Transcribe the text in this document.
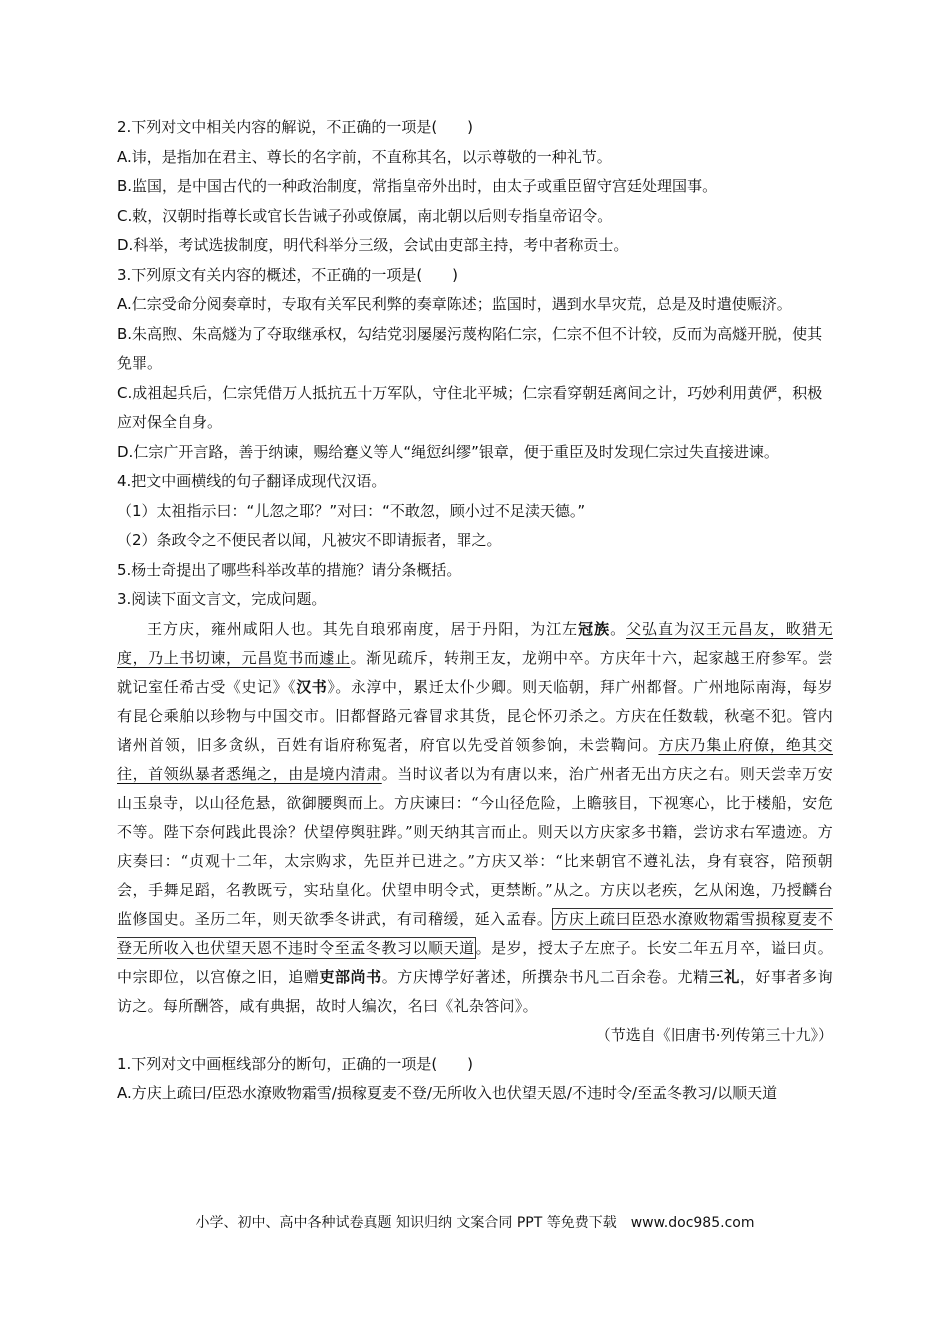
2.下列对文中相关内容的解说，不正确的一项是(　　)

A.讳，是指加在君主、尊长的名字前，不直称其名，以示尊敬的一种礼节。

B.监国，是中国古代的一种政治制度，常指皇帝外出时，由太子或重臣留守宫廷处理国事。

C.敕，汉朝时指尊长或官长告诫子孙或僚属，南北朝以后则专指皇帝诏令。

D.科举，考试选拔制度，明代科举分三级，会试由吏部主持，考中者称贡士。

3.下列原文有关内容的概述，不正确的一项是(　　)

A.仁宗受命分阅奏章时，专取有关军民利弊的奏章陈述；监国时，遇到水旱灾荒，总是及时遣使赈济。

B.朱高煦、朱高燧为了夺取继承权，勾结党羽屡屡污蔑构陷仁宗，仁宗不但不计较，反而为高燧开脱，使其免罪。

C.成祖起兵后，仁宗凭借万人抵抗五十万军队，守住北平城；仁宗看穿朝廷离间之计，巧妙利用黄俨，积极应对保全自身。

D.仁宗广开言路，善于纳谏，赐给蹇义等人“绳愆纠缪”银章，便于重臣及时发现仁宗过失直接进谏。

4.把文中画横线的句子翻译成现代汉语。

（1）太祖指示曰：“儿忽之耶？”对曰：“不敢忽，顾小过不足渎天德。”

（2）条政令之不便民者以闻，凡被灾不即请振者，罪之。

5.杨士奇提出了哪些科举改革的措施？请分条概括。

3.阅读下面文言文，完成问题。

王方庆，雍州咸阳人也。其先自琅邪南度，居于丹阳，为江左冠族。父弘直为汉王元昌友，畋猎无度，乃上书切谏，元昌览书而遽止。渐见疏斥，转荆王友，龙朔中卒。方庆年十六，起家越王府参军。尝就记室任希古受《史记》《汉书》。永淳中，累迁太仆少卿。则天临朝，拜广州都督。广州地际南海，每岁有昆仑乘舶以珍物与中国交市。旧都督路元睿冒求其货，昆仑怀刃杀之。方庆在任数载，秋毫不犯。管内诸州首领，旧多贪纵，百姓有诣府称冤者，府官以先受首领参饷，未尝鞫问。方庆乃集止府僚，绝其交往，首领纵暴者悉绳之，由是境内清肃。当时议者以为有唐以来，治广州者无出方庆之右。则天尝幸万安山玉泉寺，以山径危悬，欲御腰舆而上。方庆谏曰：“今山径危险，上瞻骇目，下视寒心，比于楼船，安危不等。陛下奈何践此畏涂？伏望停舆驻跸。”则天纳其言而止。则天以方庆家多书籍，尝访求右军遗迹。方庆奏曰：“贞观十二年，太宗购求，先臣并已进之。”方庆又举：“比来朝官不遵礼法，身有衰容，陪预朝会，手舞足蹈，名教既亏，实玷皇化。伏望申明令式，更禁断。”从之。方庆以老疾，乞从闲逸，乃授麟台监修国史。圣历二年，则天欲季冬讲武，有司稽缓，延入孟春。方庆上疏曰臣恐水潦败物霜雪损稼夏麦不登无所收入也伏望天恩不违时令至孟冬教习以顺天道。是岁，授太子左庶子。长安二年五月卒，谥曰贞。中宗即位，以宫僚之旧，追赠吏部尚书。方庆博学好著述，所撰杂书凡二百余卷。尤精三礼，好事者多询访之。每所酬答，咸有典据，故时人编次，名曰《礼杂答问》。

（节选自《旧唐书·列传第三十九》）

1.下列对文中画框线部分的断句，正确的一项是(　　)

A.方庆上疏曰/臣恐水潦败物霜雪/损稼夏麦不登/无所收入也伏望天恩/不违时令/至孟冬教习/以顺天道

小学、初中、高中各种试卷真题 知识归纳 文案合同 PPT 等免费下载　www.doc985.com
